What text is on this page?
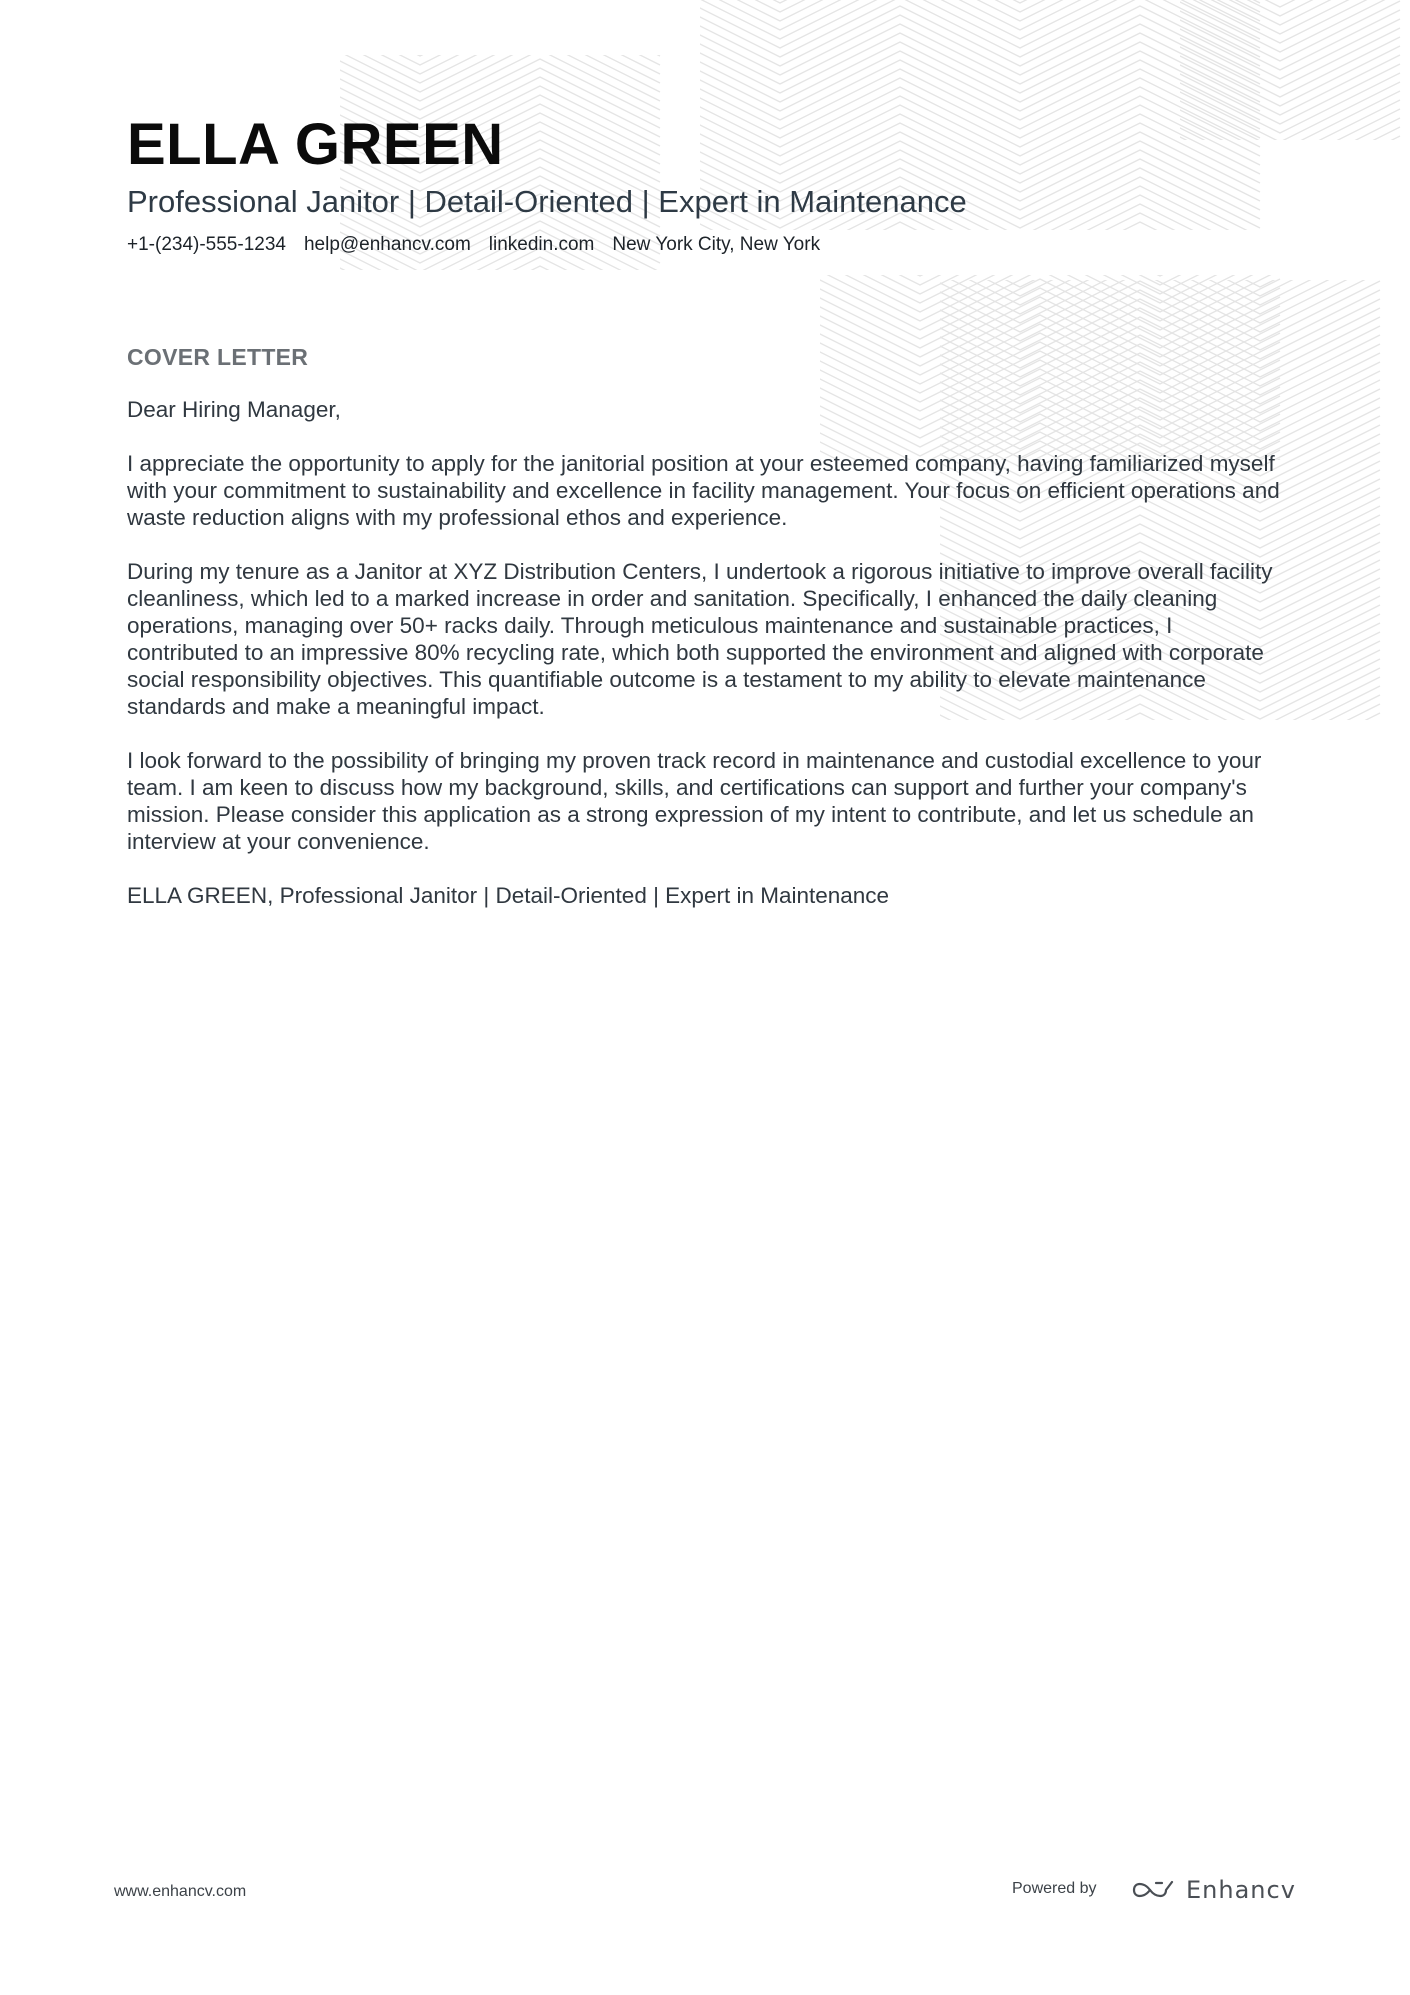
ELLA GREEN
Professional Janitor | Detail-Oriented | Expert in Maintenance
+1-(234)-555-1234 help@enhancv.com linkedin.com New York City, New York
COVER LETTER

Dear Hiring Manager,

I appreciate the opportunity to apply for the janitorial position at your esteemed company, having familiarized myself with your commitment to sustainability and excellence in facility management. Your focus on efficient operations and waste reduction aligns with my professional ethos and experience.

During my tenure as a Janitor at XYZ Distribution Centers, I undertook a rigorous initiative to improve overall facility cleanliness, which led to a marked increase in order and sanitation. Specifically, I enhanced the daily cleaning operations, managing over 50+ racks daily. Through meticulous maintenance and sustainable practices, I contributed to an impressive 80% recycling rate, which both supported the environment and aligned with corporate social responsibility objectives. This quantifiable outcome is a testament to my ability to elevate maintenance standards and make a meaningful impact.

I look forward to the possibility of bringing my proven track record in maintenance and custodial excellence to your team. I am keen to discuss how my background, skills, and certifications can support and further your company's mission. Please consider this application as a strong expression of my intent to contribute, and let us schedule an interview at your convenience.

ELLA GREEN, Professional Janitor | Detail-Oriented | Expert in Maintenance

www.enhancv.com	Powered by	Enhancv
